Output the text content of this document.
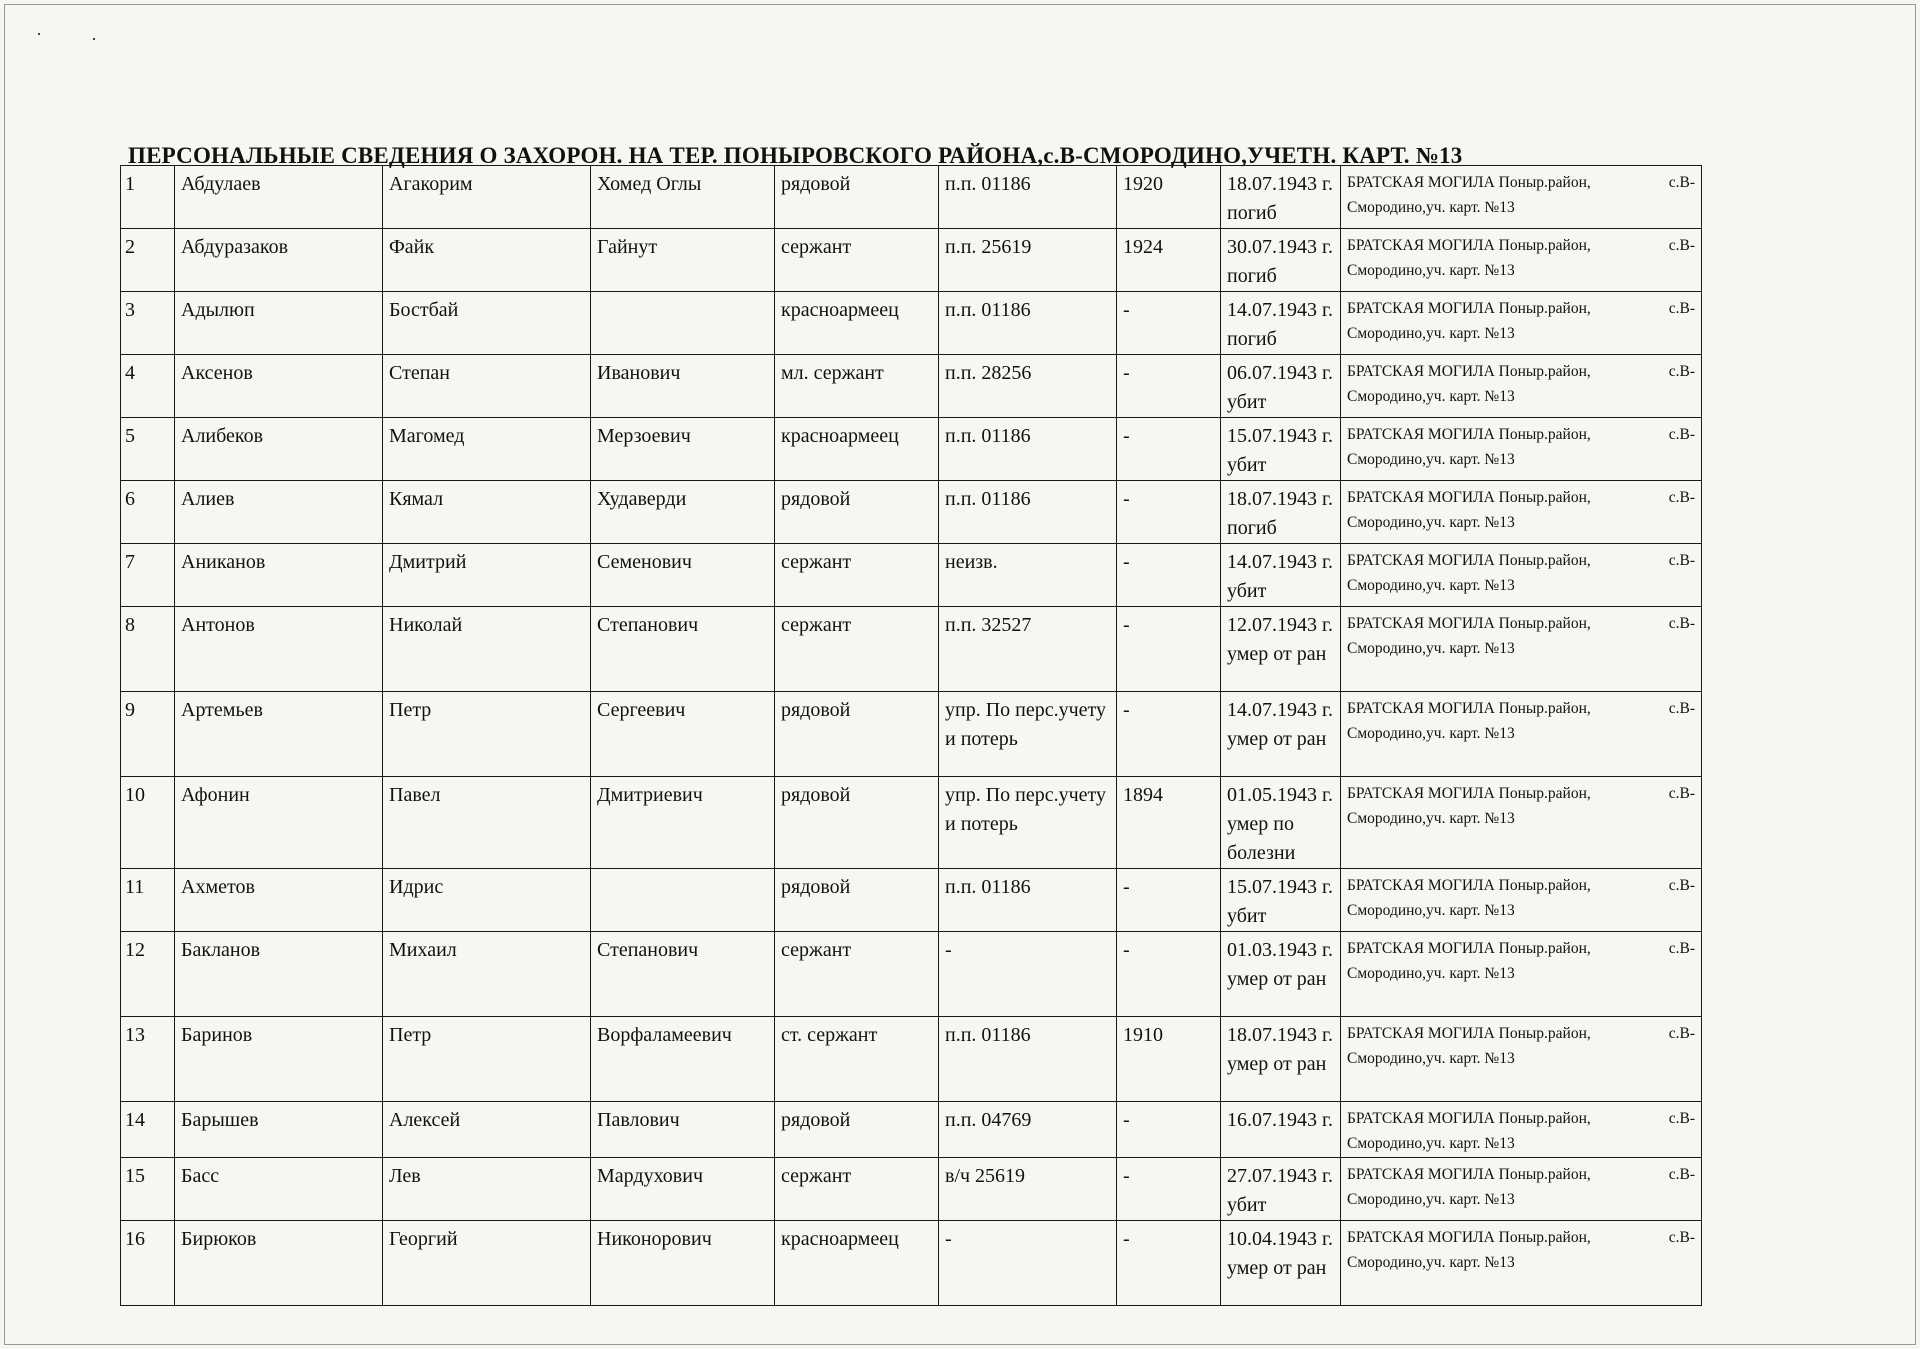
ПЕРСОНАЛЬНЫЕ СВЕДЕНИЯ О ЗАХОРОН. НА ТЕР. ПОНЫРОВСКОГО РАЙОНА,с.В-СМОРОДИНО,УЧЕТН. КАРТ. №13
1	Абдулаев	Агакорим	Хомед Оглы	рядовой	п.п. 01186	1920	18.07.1943 г. погиб	БРАТСКАЯ МОГИЛА Поныр.район, с.В-
Смородино,уч. карт. №13

2	Абдуразаков	Файк	Гайнут	сержант	п.п. 25619	1924	30.07.1943 г. погиб	БРАТСКАЯ МОГИЛА Поныр.район, с.В-
Смородино,уч. карт. №13

3	Адылюп	Бостбай		красноармеец	п.п. 01186	-	14.07.1943 г. погиб	БРАТСКАЯ МОГИЛА Поныр.район, с.В-
Смородино,уч. карт. №13

4	Аксенов	Степан	Иванович	мл. сержант	п.п. 28256	-	06.07.1943 г. убит	БРАТСКАЯ МОГИЛА Поныр.район, с.В-
Смородино,уч. карт. №13

5	Алибеков	Магомед	Мерзоевич	красноармеец	п.п. 01186	-	15.07.1943 г. убит	БРАТСКАЯ МОГИЛА Поныр.район, с.В-
Смородино,уч. карт. №13

6	Алиев	Кямал	Худаверди	рядовой	п.п. 01186	-	18.07.1943 г. погиб	БРАТСКАЯ МОГИЛА Поныр.район, с.В-
Смородино,уч. карт. №13

7	Аниканов	Дмитрий	Семенович	сержант	неизв.	-	14.07.1943 г. убит	БРАТСКАЯ МОГИЛА Поныр.район, с.В-
Смородино,уч. карт. №13

8	Антонов	Николай	Степанович	сержант	п.п. 32527	-	12.07.1943 г. умер от ран	БРАТСКАЯ МОГИЛА Поныр.район, с.В-
Смородино,уч. карт. №13

9	Артемьев	Петр	Сергеевич	рядовой	упр. По перс.учету и потерь	-	14.07.1943 г. умер от ран	БРАТСКАЯ МОГИЛА Поныр.район, с.В-
Смородино,уч. карт. №13

10	Афонин	Павел	Дмитриевич	рядовой	упр. По перс.учету и потерь	1894	01.05.1943 г. умер по болезни	БРАТСКАЯ МОГИЛА Поныр.район, с.В-
Смородино,уч. карт. №13

11	Ахметов	Идрис		рядовой	п.п. 01186	-	15.07.1943 г. убит	БРАТСКАЯ МОГИЛА Поныр.район, с.В-
Смородино,уч. карт. №13

12	Бакланов	Михаил	Степанович	сержант	-	-	01.03.1943 г. умер от ран	БРАТСКАЯ МОГИЛА Поныр.район, с.В-
Смородино,уч. карт. №13

13	Баринов	Петр	Ворфаламеевич	ст. сержант	п.п. 01186	1910	18.07.1943 г. умер от ран	БРАТСКАЯ МОГИЛА Поныр.район, с.В-
Смородино,уч. карт. №13

14	Барышев	Алексей	Павлович	рядовой	п.п. 04769	-	16.07.1943 г.	БРАТСКАЯ МОГИЛА Поныр.район, с.В-
Смородино,уч. карт. №13

15	Басс	Лев	Мардухович	сержант	в/ч 25619	-	27.07.1943 г. убит	БРАТСКАЯ МОГИЛА Поныр.район, с.В-
Смородино,уч. карт. №13

16	Бирюков	Георгий	Никонорович	красноармеец	-	-	10.04.1943 г. умер от ран	БРАТСКАЯ МОГИЛА Поныр.район, с.В-
Смородино,уч. карт. №13
